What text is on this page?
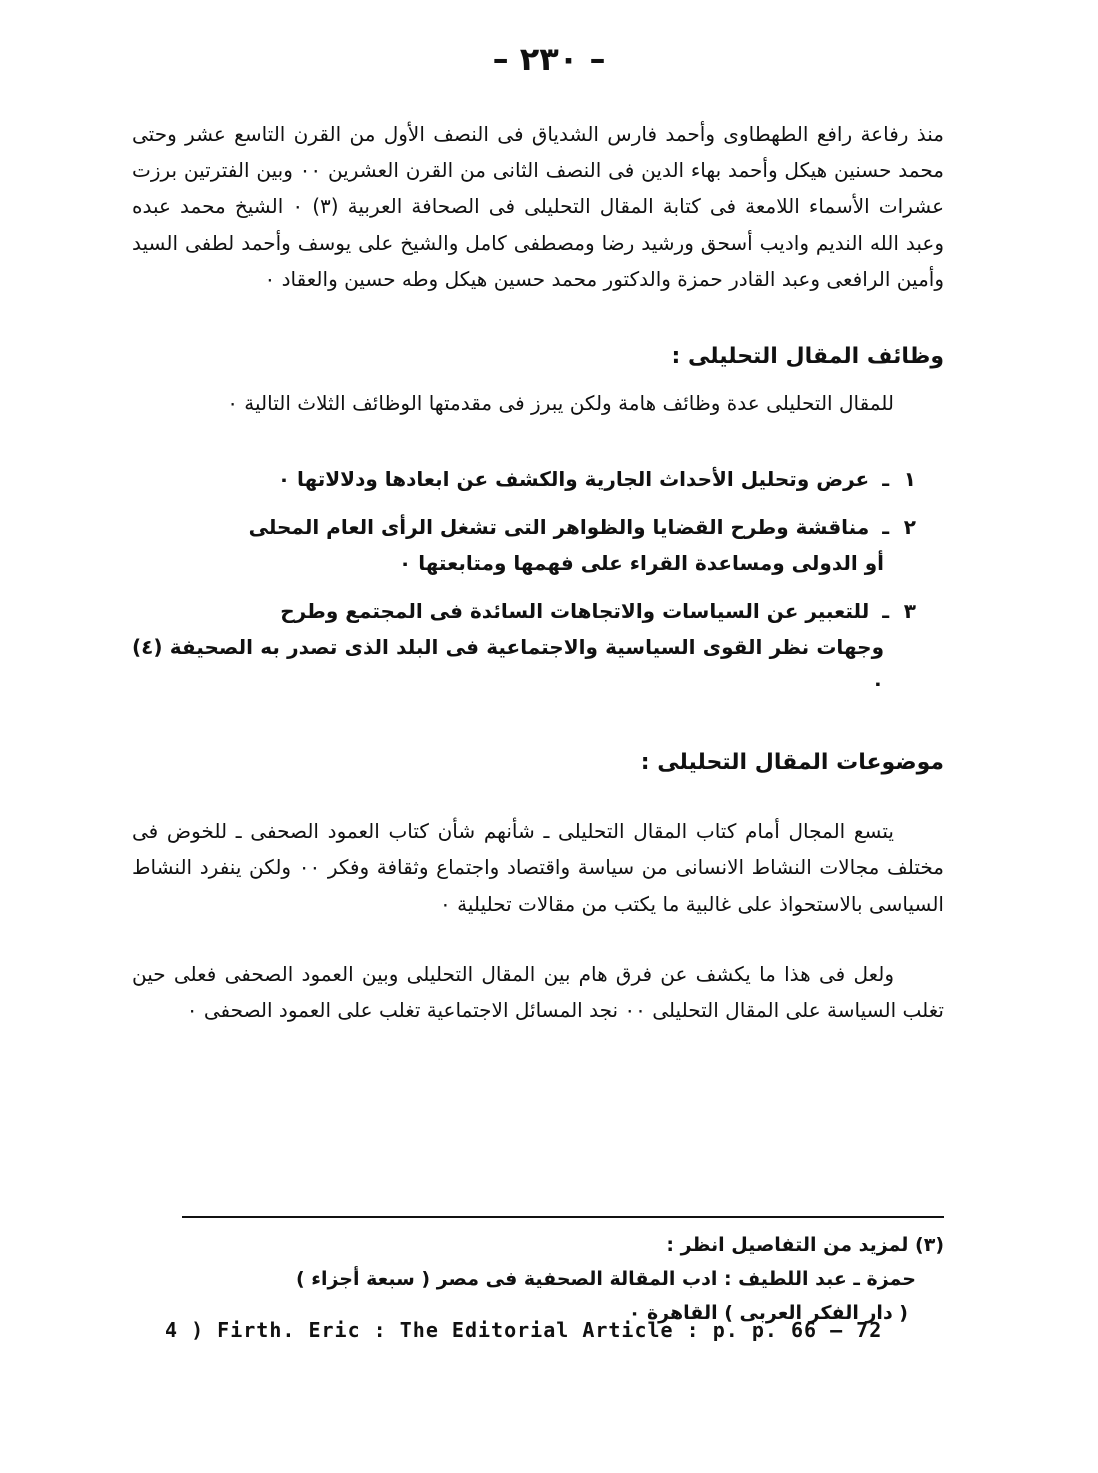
– ٢٣٠ –

منذ رفاعة رافع الطهطاوى وأحمد فارس الشدياق فى النصف الأول من القرن التاسع عشر وحتى محمد حسنين هيكل وأحمد بهاء الدين فى النصف الثانى من القرن العشرين ٠٠ وبين الفترتين برزت عشرات الأسماء اللامعة فى كتابة المقال التحليلى فى الصحافة العربية (٣) ٠ الشيخ محمد عبده وعبد الله النديم واديب أسحق ورشيد رضا ومصطفى كامل والشيخ على يوسف وأحمد لطفى السيد وأمين الرافعى وعبد القادر حمزة والدكتور محمد حسين هيكل وطه حسين والعقاد ٠

وظائف المقال التحليلى :

للمقال التحليلى عدة وظائف هامة ولكن يبرز فى مقدمتها الوظائف الثلاث التالية ٠

١ ـ عرض وتحليل الأحداث الجارية والكشف عن ابعادها ودلالاتها ٠
٢ ـ مناقشة وطرح القضايا والظواهر التى تشغل الرأى العام المحلى
أو الدولى ومساعدة القراء على فهمها ومتابعتها ٠
٣ ـ للتعبير عن السياسات والاتجاهات السائدة فى المجتمع وطرح
وجهات نظر القوى السياسية والاجتماعية فى البلد الذى تصدر به الصحيفة (٤) ٠
موضوعات المقال التحليلى :

يتسع المجال أمام كتاب المقال التحليلى ـ شأنهم شأن كتاب العمود الصحفى ـ للخوض فى مختلف مجالات النشاط الانسانى من سياسة واقتصاد واجتماع وثقافة وفكر ٠٠ ولكن ينفرد النشاط السياسى بالاستحواذ على غالبية ما يكتب من مقالات تحليلية ٠

ولعل فى هذا ما يكشف عن فرق هام بين المقال التحليلى وبين العمود الصحفى فعلى حين تغلب السياسة على المقال التحليلى ٠٠ نجد المسائل الاجتماعية تغلب على العمود الصحفى ٠

(٣) لمزيد من التفاصيل انظر :
حمزة ـ عبد اللطيف : ادب المقالة الصحفية فى مصر ( سبعة أجزاء )
( دار الفكر العربى ) القاهرة ٠
4 ) Firth. Eric : The Editorial Article : p. p. 66 — 72
